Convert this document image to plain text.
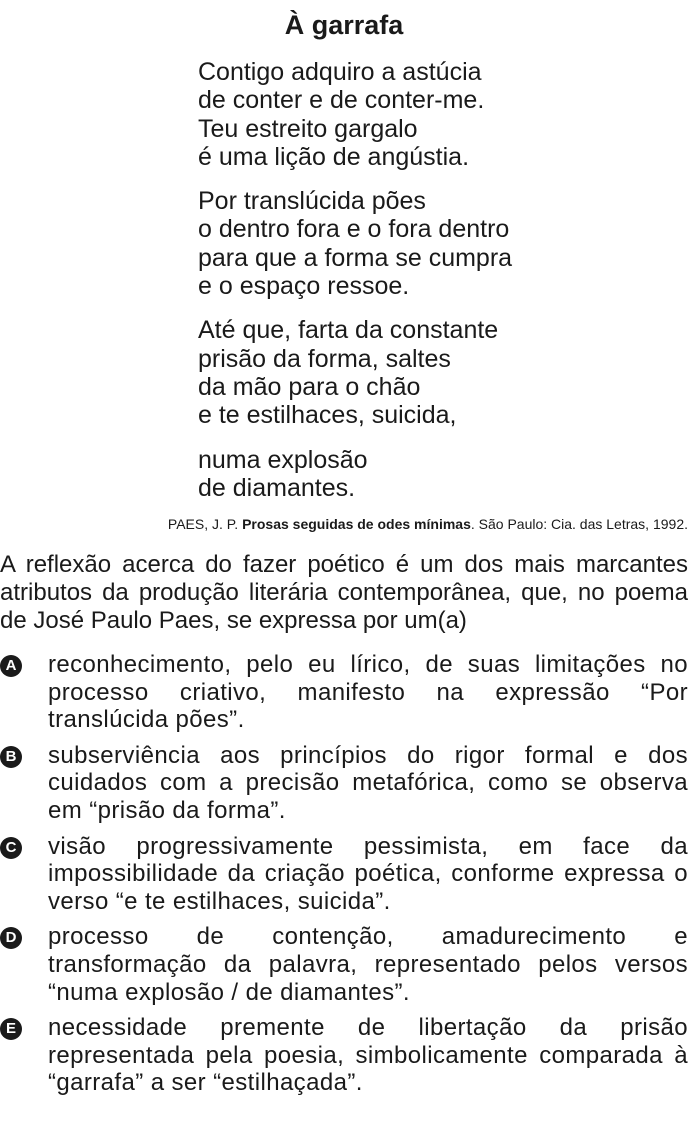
À garrafa
Contigo adquiro a astúcia
de conter e de conter-me.
Teu estreito gargalo
é uma lição de angústia.
Por translúcida pões
o dentro fora e o fora dentro
para que a forma se cumpra
e o espaço ressoe.
Até que, farta da constante
prisão da forma, saltes
da mão para o chão
e te estilhaces, suicida,
numa explosão
de diamantes.
PAES, J. P. Prosas seguidas de odes mínimas. São Paulo: Cia. das Letras, 1992.
A reflexão acerca do fazer poético é um dos mais marcantes atributos da produção literária contemporânea, que, no poema de José Paulo Paes, se expressa por um(a)
A reconhecimento, pelo eu lírico, de suas limitações no processo criativo, manifesto na expressão “Por translúcida pões”.
B subserviência aos princípios do rigor formal e dos cuidados com a precisão metafórica, como se observa em “prisão da forma”.
C visão progressivamente pessimista, em face da impossibilidade da criação poética, conforme expressa o verso “e te estilhaces, suicida”.
D processo de contenção, amadurecimento e transformação da palavra, representado pelos versos “numa explosão / de diamantes”.
E necessidade premente de libertação da prisão representada pela poesia, simbolicamente comparada à “garrafa” a ser “estilhaçada”.
